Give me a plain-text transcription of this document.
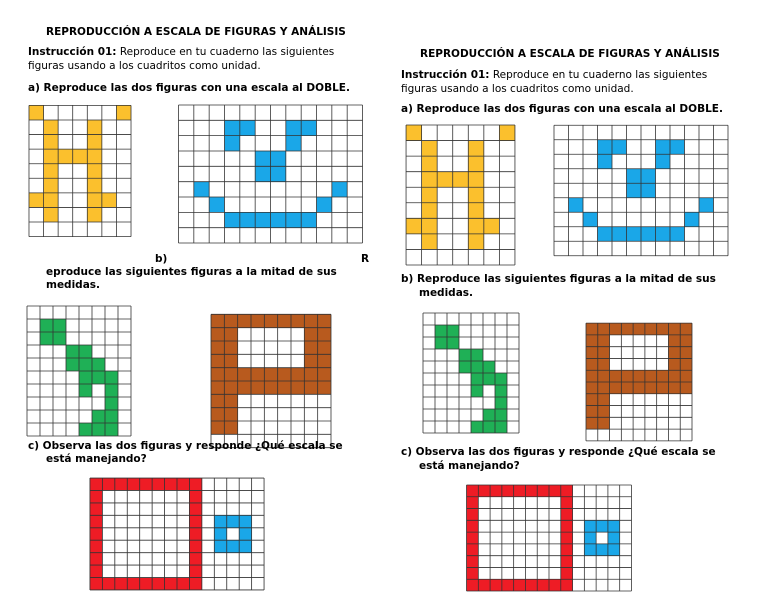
REPRODUCCIÓN A ESCALA DE FIGURAS Y ANÁLISIS
Instrucción 01: Reproduce en tu cuaderno las siguientes
figuras usando a los cuadritos como unidad.
a) Reproduce las dos figuras con una escala al DOBLE.
b)	R
eproduce las siguientes figuras a la mitad de sus
medidas.
c) Observa las dos figuras y responde ¿Qué escala se
está manejando?
REPRODUCCIÓN A ESCALA DE FIGURAS Y ANÁLISIS
Instrucción 01: Reproduce en tu cuaderno las siguientes
figuras usando a los cuadritos como unidad.
a) Reproduce las dos figuras con una escala al DOBLE.
b) Reproduce las siguientes figuras a la mitad de sus
medidas.
c) Observa las dos figuras y responde ¿Qué escala se
está manejando?
